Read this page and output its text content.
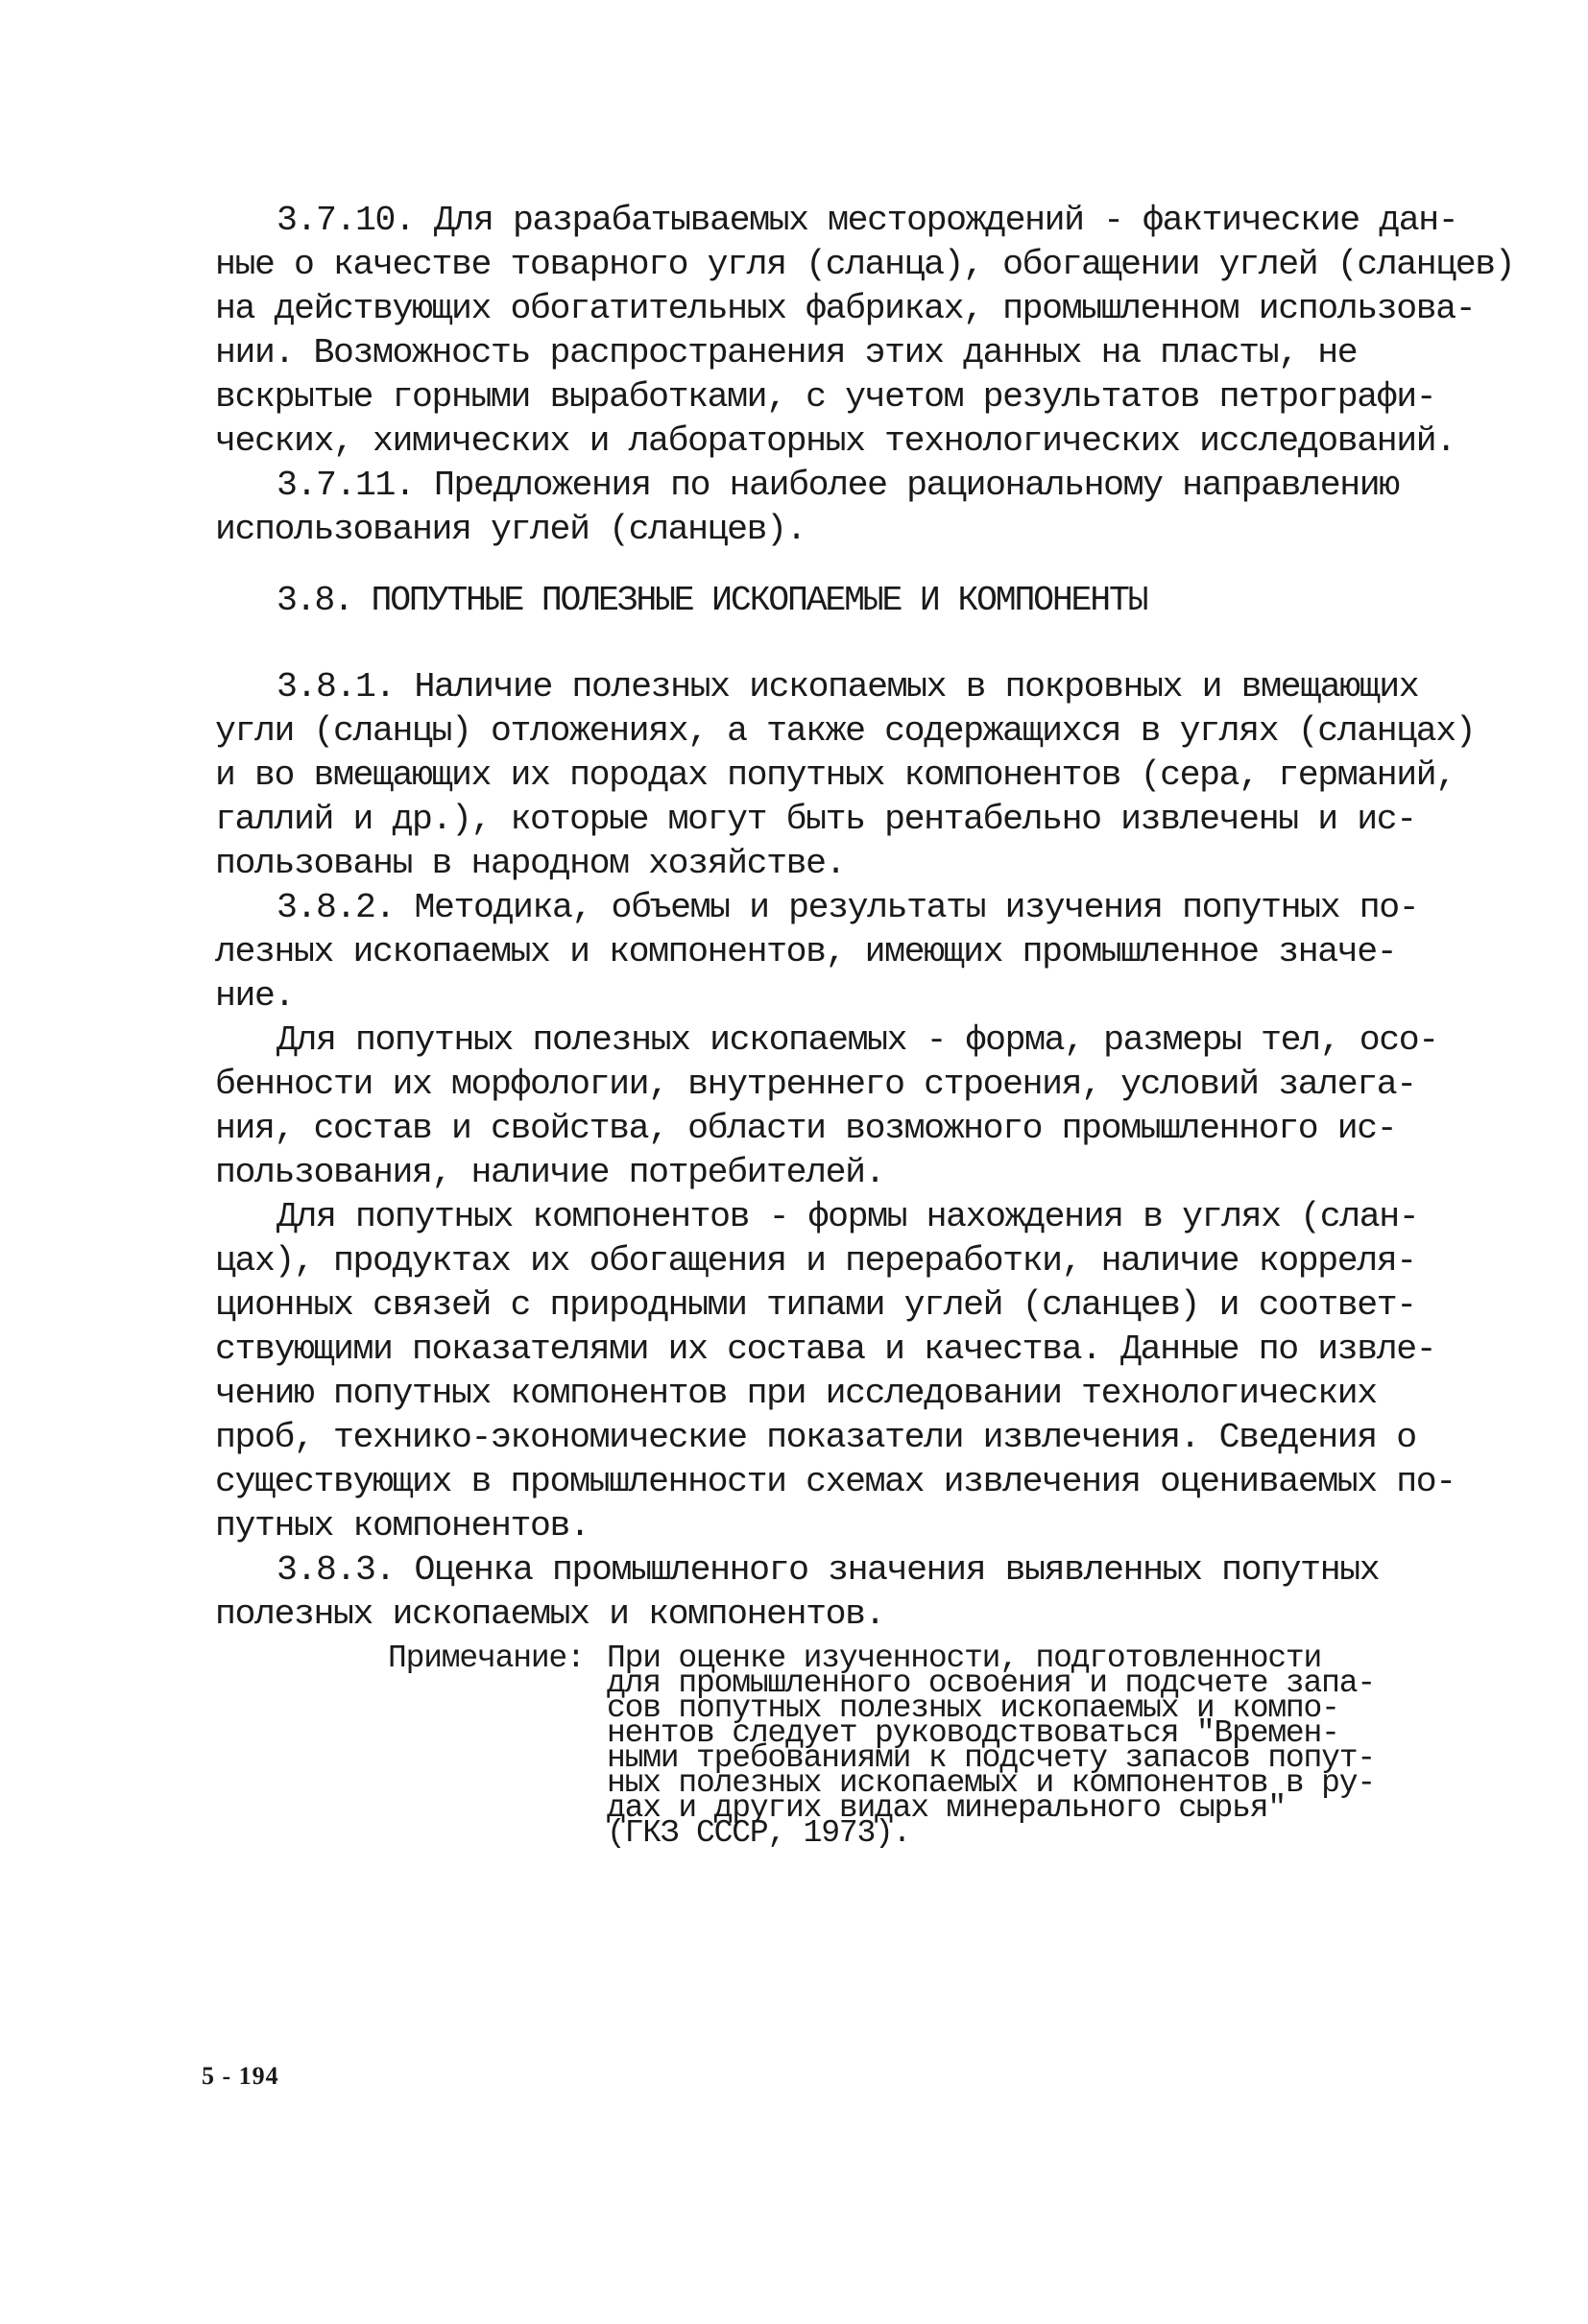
3.7.10. Для разрабатываемых месторождений - фактические дан-
ные о качестве товарного угля (сланца), обогащении углей (сланцев)
на действующих обогатительных фабриках, промышленном использова-
нии. Возможность распространения этих данных на пласты, не
вскрытые горными выработками, с учетом результатов петрографи-
ческих, химических и лабораторных технологических исследований.
3.7.11. Предложения по наиболее рациональному направлению
использования углей (сланцев).
3.8. ПОПУТНЫЕ ПОЛЕЗНЫЕ ИСКОПАЕМЫЕ И КОМПОНЕНТЫ
3.8.1. Наличие полезных ископаемых в покровных и вмещающих
угли (сланцы) отложениях, а также содержащихся в углях (сланцах)
и во вмещающих их породах попутных компонентов (сера, германий,
галлий и др.), которые могут быть рентабельно извлечены и ис-
пользованы в народном хозяйстве.
3.8.2. Методика, объемы и результаты изучения попутных по-
лезных ископаемых и компонентов, имеющих промышленное значе-
ние.
Для попутных полезных ископаемых - форма, размеры тел, осо-
бенности их морфологии, внутреннего строения, условий залега-
ния, состав и свойства, области возможного промышленного ис-
пользования, наличие потребителей.
Для попутных компонентов - формы нахождения в углях (слан-
цах), продуктах их обогащения и переработки, наличие корреля-
ционных связей с природными типами углей (сланцев) и соответ-
ствующими показателями их состава и качества. Данные по извле-
чению попутных компонентов при исследовании технологических
проб, технико-экономические показатели извлечения. Сведения о
существующих в промышленности схемах извлечения оцениваемых по-
путных компонентов.
3.8.3. Оценка промышленного значения выявленных попутных
полезных ископаемых и компонентов.
Примечание: При оценке изученности, подготовленности
для промышленного освоения и подсчете запа-
сов попутных полезных ископаемых и компо-
нентов следует руководствоваться "Времен-
ными требованиями к подсчету запасов попут-
ных полезных ископаемых и компонентов в ру-
дах и других видах минерального сырья"
(ГКЗ СССР, 1973).
5 - 194
